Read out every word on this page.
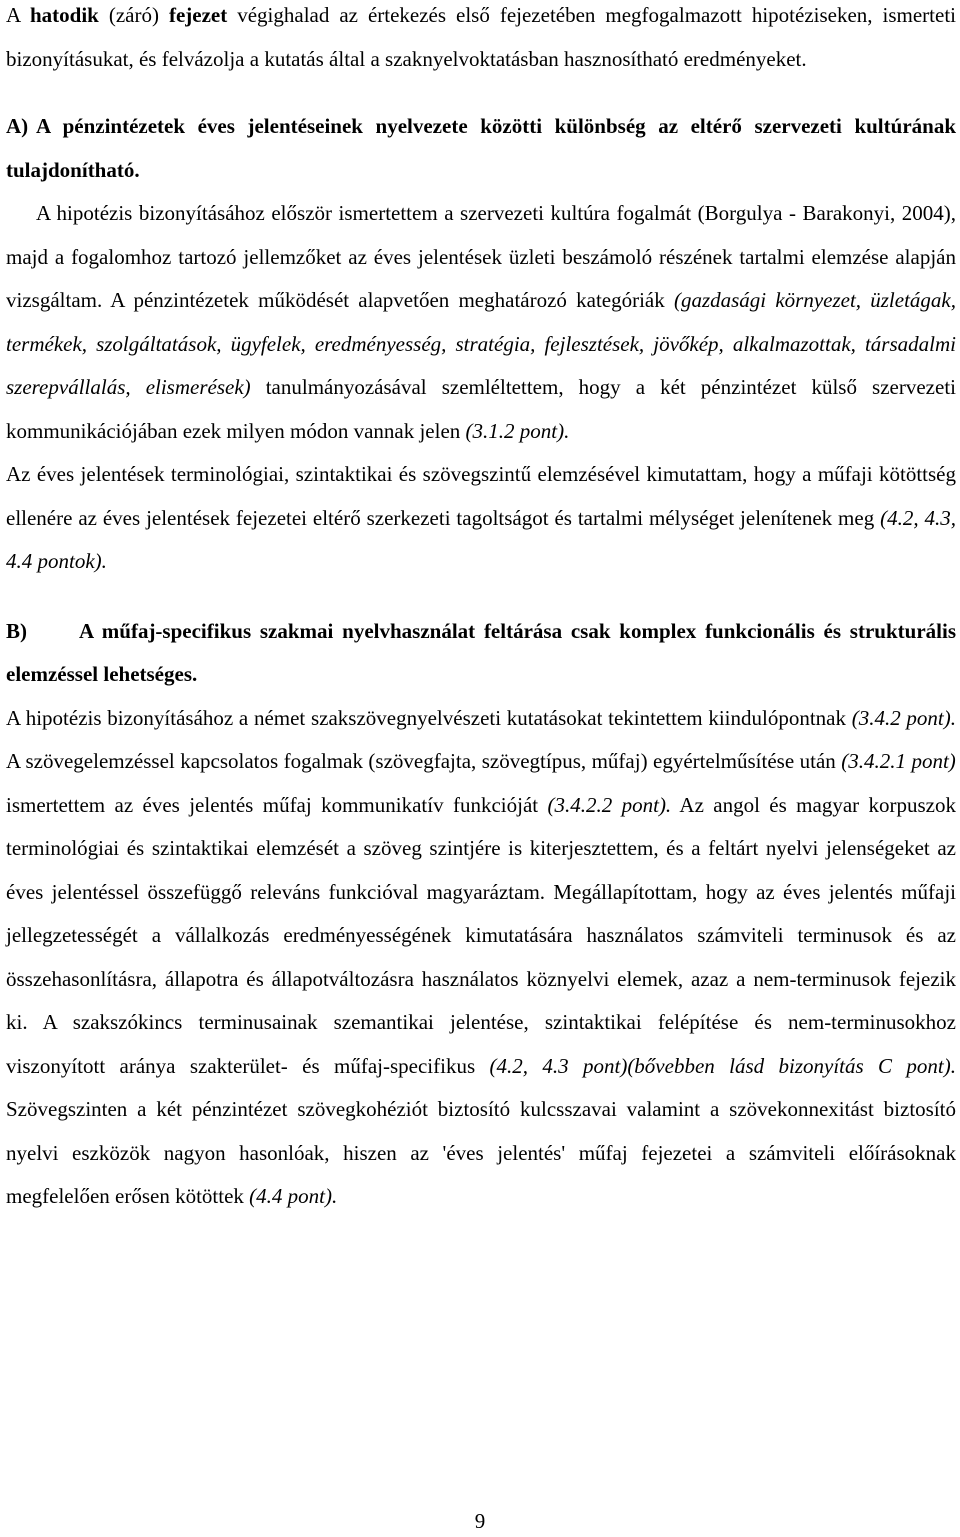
A hatodik (záró) fejezet végighalad az értekezés első fejezetében megfogalmazott hipotéziseken, ismerteti bizonyításukat, és felvázolja a kutatás által a szaknyelvoktatásban hasznosítható eredményeket.

A) A pénzintézetek éves jelentéseinek nyelvezete közötti különbség az eltérő szervezeti kultúrának tulajdonítható.

A hipotézis bizonyításához először ismertettem a szervezeti kultúra fogalmát (Borgulya - Barakonyi, 2004), majd a fogalomhoz tartozó jellemzőket az éves jelentések üzleti beszámoló részének tartalmi elemzése alapján vizsgáltam. A pénzintézetek működését alapvetően meghatározó kategóriák (gazdasági környezet, üzletágak, termékek, szolgáltatások, ügyfelek, eredményesség, stratégia, fejlesztések, jövőkép, alkalmazottak, társadalmi szerepvállalás, elismerések) tanulmányozásával szemléltettem, hogy a két pénzintézet külső szervezeti kommunikációjában ezek milyen módon vannak jelen (3.1.2 pont).

Az éves jelentések terminológiai, szintaktikai és szövegszintű elemzésével kimutattam, hogy a műfaji kötöttség ellenére az éves jelentések fejezetei eltérő szerkezeti tagoltságot és tartalmi mélységet jelenítenek meg (4.2, 4.3, 4.4 pontok).

B) A műfaj-specifikus szakmai nyelvhasználat feltárása csak komplex funkcionális és strukturális elemzéssel lehetséges.

A hipotézis bizonyításához a német szakszövegnyelvészeti kutatásokat tekintettem kiindulópontnak (3.4.2 pont). A szövegelemzéssel kapcsolatos fogalmak (szövegfajta, szövegtípus, műfaj) egyértelműsítése után (3.4.2.1 pont) ismertettem az éves jelentés műfaj kommunikatív funkcióját (3.4.2.2 pont). Az angol és magyar korpuszok terminológiai és szintaktikai elemzését a szöveg szintjére is kiterjesztettem, és a feltárt nyelvi jelenségeket az éves jelentéssel összefüggő releváns funkcióval magyaráztam. Megállapítottam, hogy az éves jelentés műfaji jellegzetességét a vállalkozás eredményességének kimutatására használatos számviteli terminusok és az összehasonlításra, állapotra és állapotváltozásra használatos köznyelvi elemek, azaz a nem-terminusok fejezik ki. A szakszókincs terminusainak szemantikai jelentése, szintaktikai felépítése és nem-terminusokhoz viszonyított aránya szakterület- és műfaj-specifikus (4.2, 4.3 pont)(bővebben lásd bizonyítás C pont). Szövegszinten a két pénzintézet szövegkohéziót biztosító kulcsszavai valamint a szövekonnexitást biztosító nyelvi eszközök nagyon hasonlóak, hiszen az 'éves jelentés' műfaj fejezetei a számviteli előírásoknak megfelelően erősen kötöttek (4.4 pont).

9
